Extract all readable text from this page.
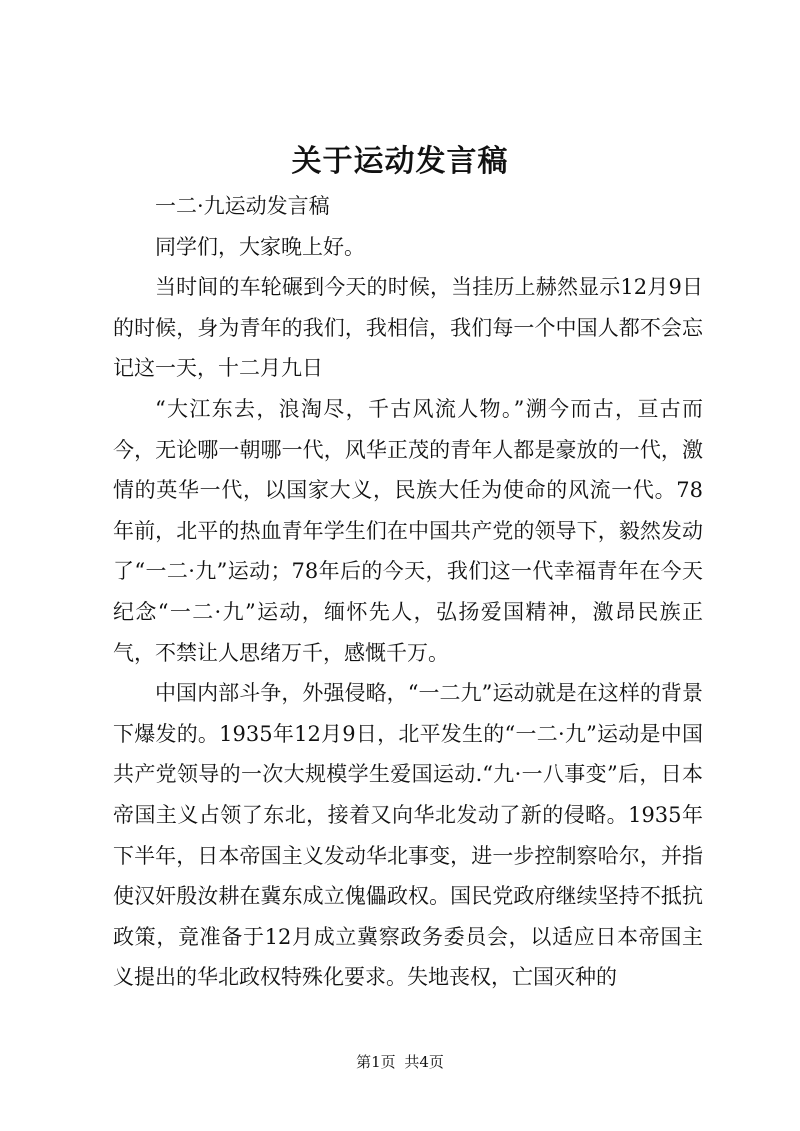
关于运动发言稿

一二·九运动发言稿

同学们，大家晚上好。

当时间的车轮碾到今天的时候，当挂历上赫然显示12月9日的时候，身为青年的我们，我相信，我们每一个中国人都不会忘记这一天，十二月九日

“大江东去，浪淘尽，千古风流人物。”溯今而古，亘古而今，无论哪一朝哪一代，风华正茂的青年人都是豪放的一代，激情的英华一代，以国家大义，民族大任为使命的风流一代。78年前，北平的热血青年学生们在中国共产党的领导下，毅然发动了“一二·九”运动；78年后的今天，我们这一代幸福青年在今天纪念“一二·九”运动，缅怀先人，弘扬爱国精神，激昂民族正气，不禁让人思绪万千，感慨千万。

中国内部斗争，外强侵略，“一二九”运动就是在这样的背景下爆发的。1935年12月9日，北平发生的“一二·九”运动是中国共产党领导的一次大规模学生爱国运动.“九·一八事变”后，日本帝国主义占领了东北，接着又向华北发动了新的侵略。1935年下半年，日本帝国主义发动华北事变，进一步控制察哈尔，并指使汉奸殷汝耕在冀东成立傀儡政权。国民党政府继续坚持不抵抗政策，竟准备于12月成立冀察政务委员会，以适应日本帝国主义提出的华北政权特殊化要求。失地丧权，亡国灭种的

第1页 共4页
